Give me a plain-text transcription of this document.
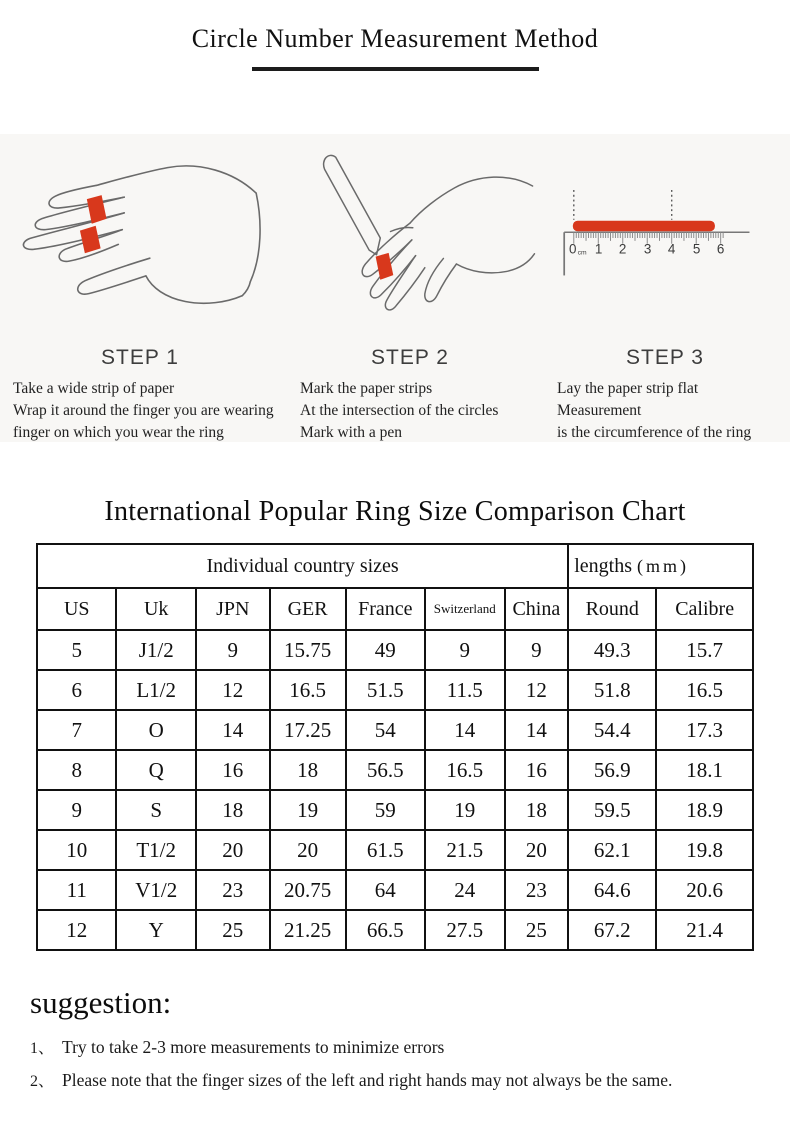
Circle Number Measurement Method
STEP 1
Take a wide strip of paper
Wrap it around the finger you are wearing
finger on which you wear the ring
STEP 2
Mark the paper strips
At the intersection of the circles
Mark with a pen
0 cm 1 2 3 4 5 6
STEP 3
Lay the paper strip flat
Measurement
is the circumference of the ring
International Popular Ring Size Comparison Chart
Individual country sizes							lengths (mm)	
US	Uk	JPN	GER	France	Switzerland	China	Round	Calibre
5	J1/2	9	15.75	49	9	9	49.3	15.7
6	L1/2	12	16.5	51.5	11.5	12	51.8	16.5
7	O	14	17.25	54	14	14	54.4	17.3
8	Q	16	18	56.5	16.5	16	56.9	18.1
9	S	18	19	59	19	18	59.5	18.9
10	T1/2	20	20	61.5	21.5	20	62.1	19.8
11	V1/2	23	20.75	64	24	23	64.6	20.6
12	Y	25	21.25	66.5	27.5	25	67.2	21.4
suggestion:
1、 Try to take 2-3 more measurements to minimize errors
2、 Please note that the finger sizes of the left and right hands may not always be the same.
